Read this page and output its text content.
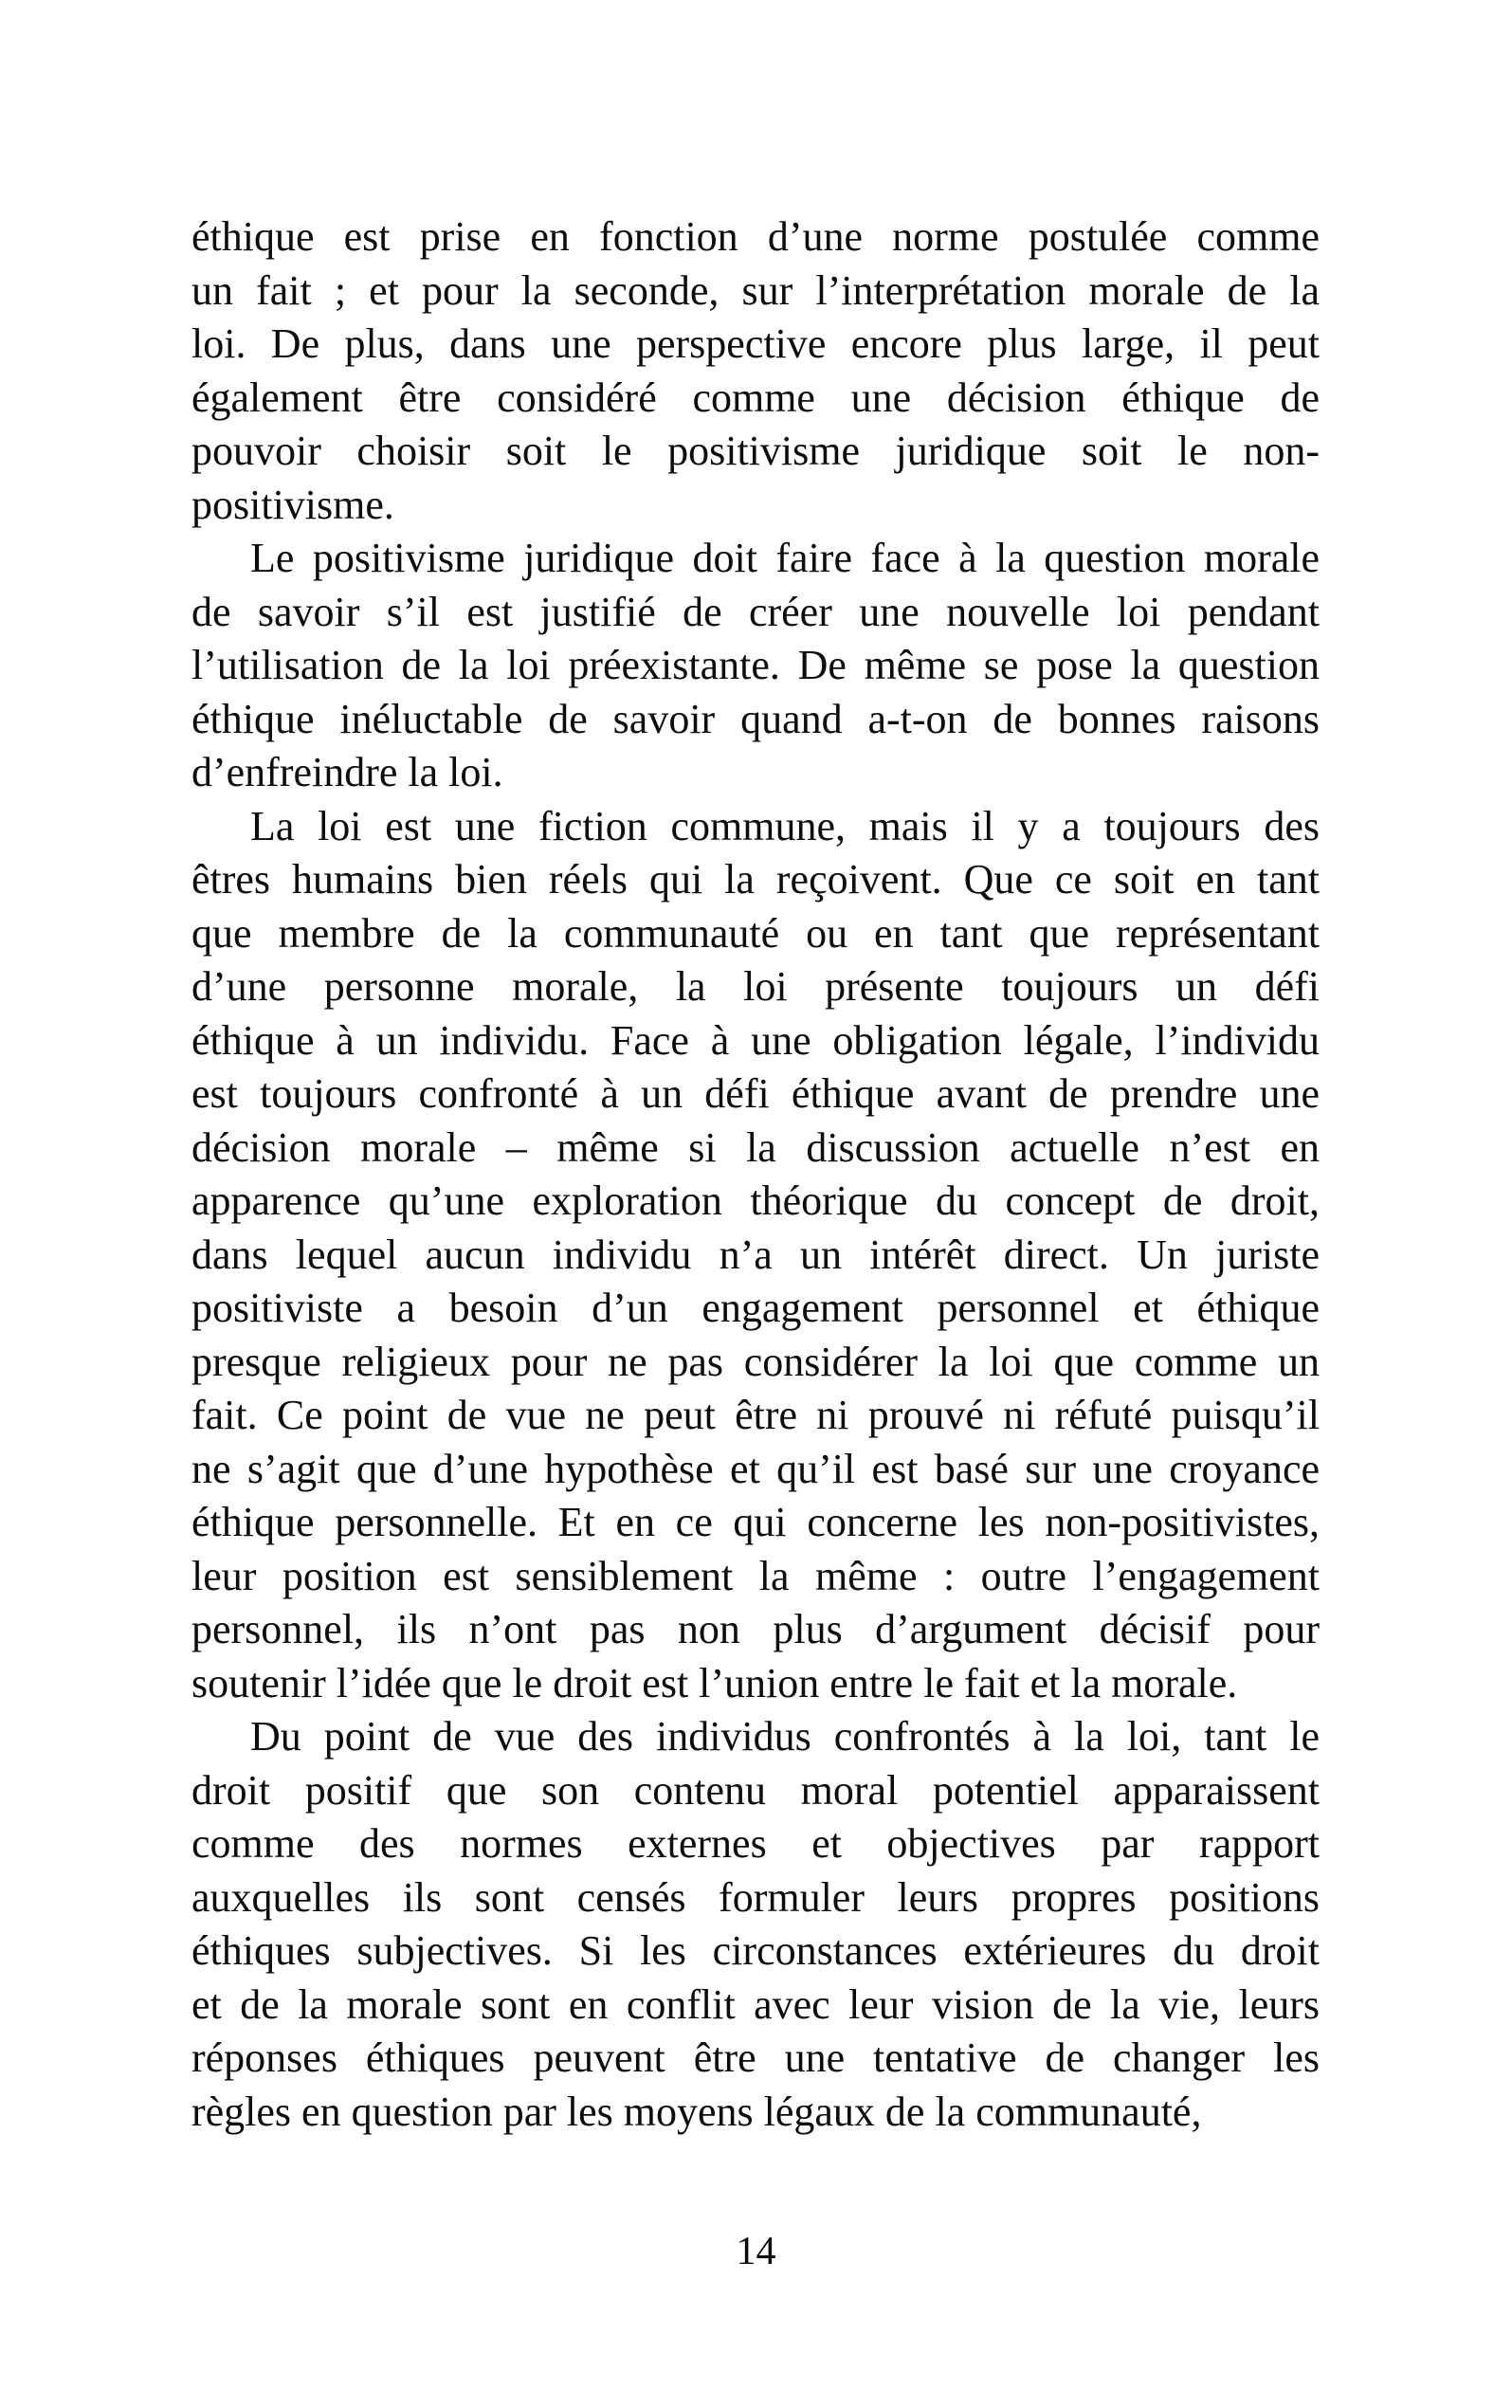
éthique est prise en fonction d’une norme postulée comme
un fait ; et pour la seconde, sur l’interprétation morale de la
loi. De plus, dans une perspective encore plus large, il peut
également être considéré comme une décision éthique de
pouvoir choisir soit le positivisme juridique soit le non-
positivisme.
Le positivisme juridique doit faire face à la question morale
de savoir s’il est justifié de créer une nouvelle loi pendant
l’utilisation de la loi préexistante. De même se pose la question
éthique inéluctable de savoir quand a-t-on de bonnes raisons
d’enfreindre la loi.
La loi est une fiction commune, mais il y a toujours des
êtres humains bien réels qui la reçoivent. Que ce soit en tant
que membre de la communauté ou en tant que représentant
d’une personne morale, la loi présente toujours un défi
éthique à un individu. Face à une obligation légale, l’individu
est toujours confronté à un défi éthique avant de prendre une
décision morale – même si la discussion actuelle n’est en
apparence qu’une exploration théorique du concept de droit,
dans lequel aucun individu n’a un intérêt direct. Un juriste
positiviste a besoin d’un engagement personnel et éthique
presque religieux pour ne pas considérer la loi que comme un
fait. Ce point de vue ne peut être ni prouvé ni réfuté puisqu’il
ne s’agit que d’une hypothèse et qu’il est basé sur une croyance
éthique personnelle. Et en ce qui concerne les non-positivistes,
leur position est sensiblement la même : outre l’engagement
personnel, ils n’ont pas non plus d’argument décisif pour
soutenir l’idée que le droit est l’union entre le fait et la morale.
Du point de vue des individus confrontés à la loi, tant le
droit positif que son contenu moral potentiel apparaissent
comme des normes externes et objectives par rapport
auxquelles ils sont censés formuler leurs propres positions
éthiques subjectives. Si les circonstances extérieures du droit
et de la morale sont en conflit avec leur vision de la vie, leurs
réponses éthiques peuvent être une tentative de changer les
règles en question par les moyens légaux de la communauté,
14
